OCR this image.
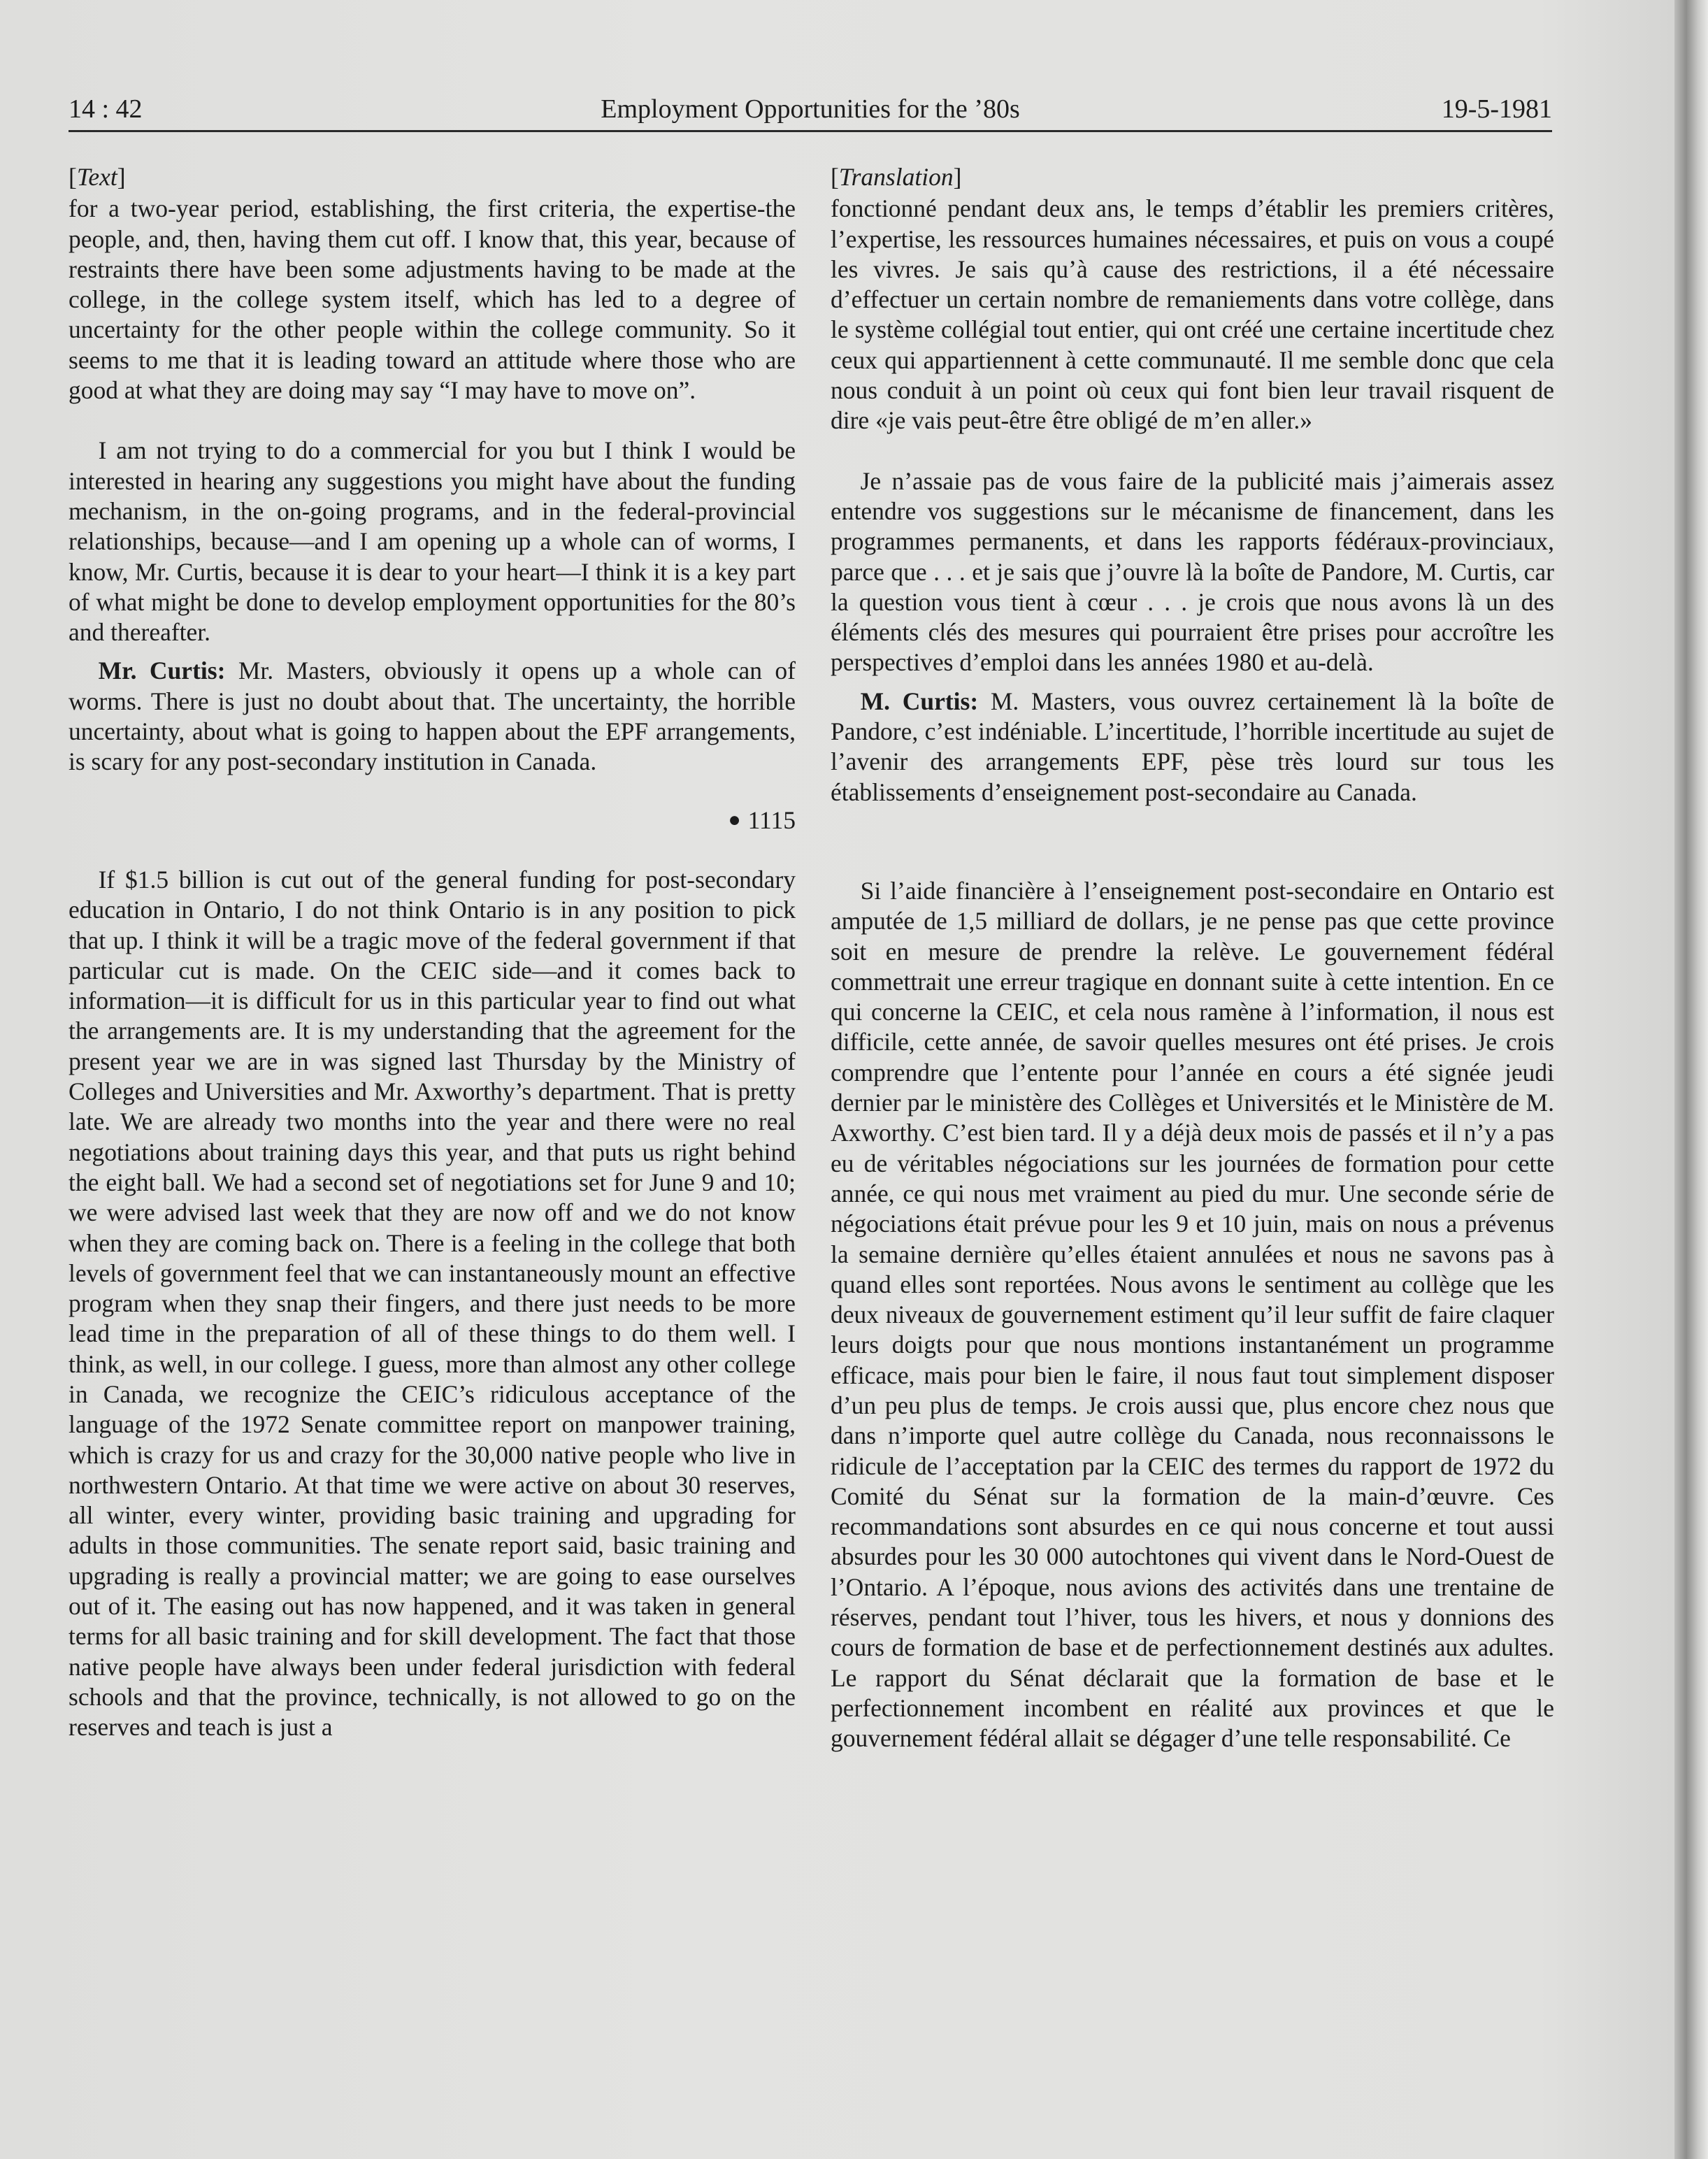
14 : 42	Employment Opportunities for the ’80s	19-5-1981
[Text]

for a two-year period, establishing, the first criteria, the expertise-the people, and, then, having them cut off. I know that, this year, because of restraints there have been some adjustments having to be made at the college, in the college system itself, which has led to a degree of uncertainty for the other people within the college community. So it seems to me that it is leading toward an attitude where those who are good at what they are doing may say “I may have to move on”.

I am not trying to do a commercial for you but I think I would be interested in hearing any suggestions you might have about the funding mechanism, in the on-going programs, and in the federal-provincial relationships, because—and I am opening up a whole can of worms, I know, Mr. Curtis, because it is dear to your heart—I think it is a key part of what might be done to develop employment opportunities for the 80’s and thereafter.

Mr. Curtis: Mr. Masters, obviously it opens up a whole can of worms. There is just no doubt about that. The uncertainty, the horrible uncertainty, about what is going to happen about the EPF arrangements, is scary for any post-secondary institution in Canada.

● 1115

If $1.5 billion is cut out of the general funding for post-secondary education in Ontario, I do not think Ontario is in any position to pick that up. I think it will be a tragic move of the federal government if that particular cut is made. On the CEIC side—and it comes back to information—it is difficult for us in this particular year to find out what the arrangements are. It is my understanding that the agreement for the present year we are in was signed last Thursday by the Ministry of Colleges and Universities and Mr. Axworthy’s department. That is pretty late. We are already two months into the year and there were no real negotiations about training days this year, and that puts us right behind the eight ball. We had a second set of negotiations set for June 9 and 10; we were advised last week that they are now off and we do not know when they are coming back on. There is a feeling in the college that both levels of government feel that we can instantaneously mount an effective program when they snap their fingers, and there just needs to be more lead time in the preparation of all of these things to do them well. I think, as well, in our college. I guess, more than almost any other college in Canada, we recognize the CEIC’s ridiculous acceptance of the language of the 1972 Senate committee report on manpower training, which is crazy for us and crazy for the 30,000 native people who live in northwestern Ontario. At that time we were active on about 30 reserves, all winter, every winter, providing basic training and upgrading for adults in those communities. The senate report said, basic training and upgrading is really a provincial matter; we are going to ease ourselves out of it. The easing out has now happened, and it was taken in general terms for all basic training and for skill development. The fact that those native people have always been under federal jurisdiction with federal schools and that the province, technically, is not allowed to go on the reserves and teach is just a

[Translation]

fonctionné pendant deux ans, le temps d’établir les premiers critères, l’expertise, les ressources humaines nécessaires, et puis on vous a coupé les vivres. Je sais qu’à cause des restrictions, il a été nécessaire d’effectuer un certain nombre de remaniements dans votre collège, dans le système collégial tout entier, qui ont créé une certaine incertitude chez ceux qui appartiennent à cette communauté. Il me semble donc que cela nous conduit à un point où ceux qui font bien leur travail risquent de dire «je vais peut-être être obligé de m’en aller.»

Je n’assaie pas de vous faire de la publicité mais j’aimerais assez entendre vos suggestions sur le mécanisme de financement, dans les programmes permanents, et dans les rapports fédéraux-provinciaux, parce que . . . et je sais que j’ouvre là la boîte de Pandore, M. Curtis, car la question vous tient à cœur . . . je crois que nous avons là un des éléments clés des mesures qui pourraient être prises pour accroître les perspectives d’emploi dans les années 1980 et au-delà.

M. Curtis: M. Masters, vous ouvrez certainement là la boîte de Pandore, c’est indéniable. L’incertitude, l’horrible incertitude au sujet de l’avenir des arrangements EPF, pèse très lourd sur tous les établissements d’enseignement post-secondaire au Canada.

Si l’aide financière à l’enseignement post-secondaire en Ontario est amputée de 1,5 milliard de dollars, je ne pense pas que cette province soit en mesure de prendre la relève. Le gouvernement fédéral commettrait une erreur tragique en donnant suite à cette intention. En ce qui concerne la CEIC, et cela nous ramène à l’information, il nous est difficile, cette année, de savoir quelles mesures ont été prises. Je crois comprendre que l’entente pour l’année en cours a été signée jeudi dernier par le ministère des Collèges et Universités et le Ministère de M. Axworthy. C’est bien tard. Il y a déjà deux mois de passés et il n’y a pas eu de véritables négociations sur les journées de formation pour cette année, ce qui nous met vraiment au pied du mur. Une seconde série de négociations était prévue pour les 9 et 10 juin, mais on nous a prévenus la semaine dernière qu’elles étaient annulées et nous ne savons pas à quand elles sont reportées. Nous avons le sentiment au collège que les deux niveaux de gouvernement estiment qu’il leur suffit de faire claquer leurs doigts pour que nous montions instantanément un programme efficace, mais pour bien le faire, il nous faut tout simplement disposer d’un peu plus de temps. Je crois aussi que, plus encore chez nous que dans n’importe quel autre collège du Canada, nous reconnaissons le ridicule de l’acceptation par la CEIC des termes du rapport de 1972 du Comité du Sénat sur la formation de la main-d’œuvre. Ces recommandations sont absurdes en ce qui nous concerne et tout aussi absurdes pour les 30 000 autochtones qui vivent dans le Nord-Ouest de l’Ontario. A l’époque, nous avions des activités dans une trentaine de réserves, pendant tout l’hiver, tous les hivers, et nous y donnions des cours de formation de base et de perfectionnement destinés aux adultes. Le rapport du Sénat déclarait que la formation de base et le perfectionnement incombent en réalité aux provinces et que le gouvernement fédéral allait se dégager d’une telle responsabilité. Ce
